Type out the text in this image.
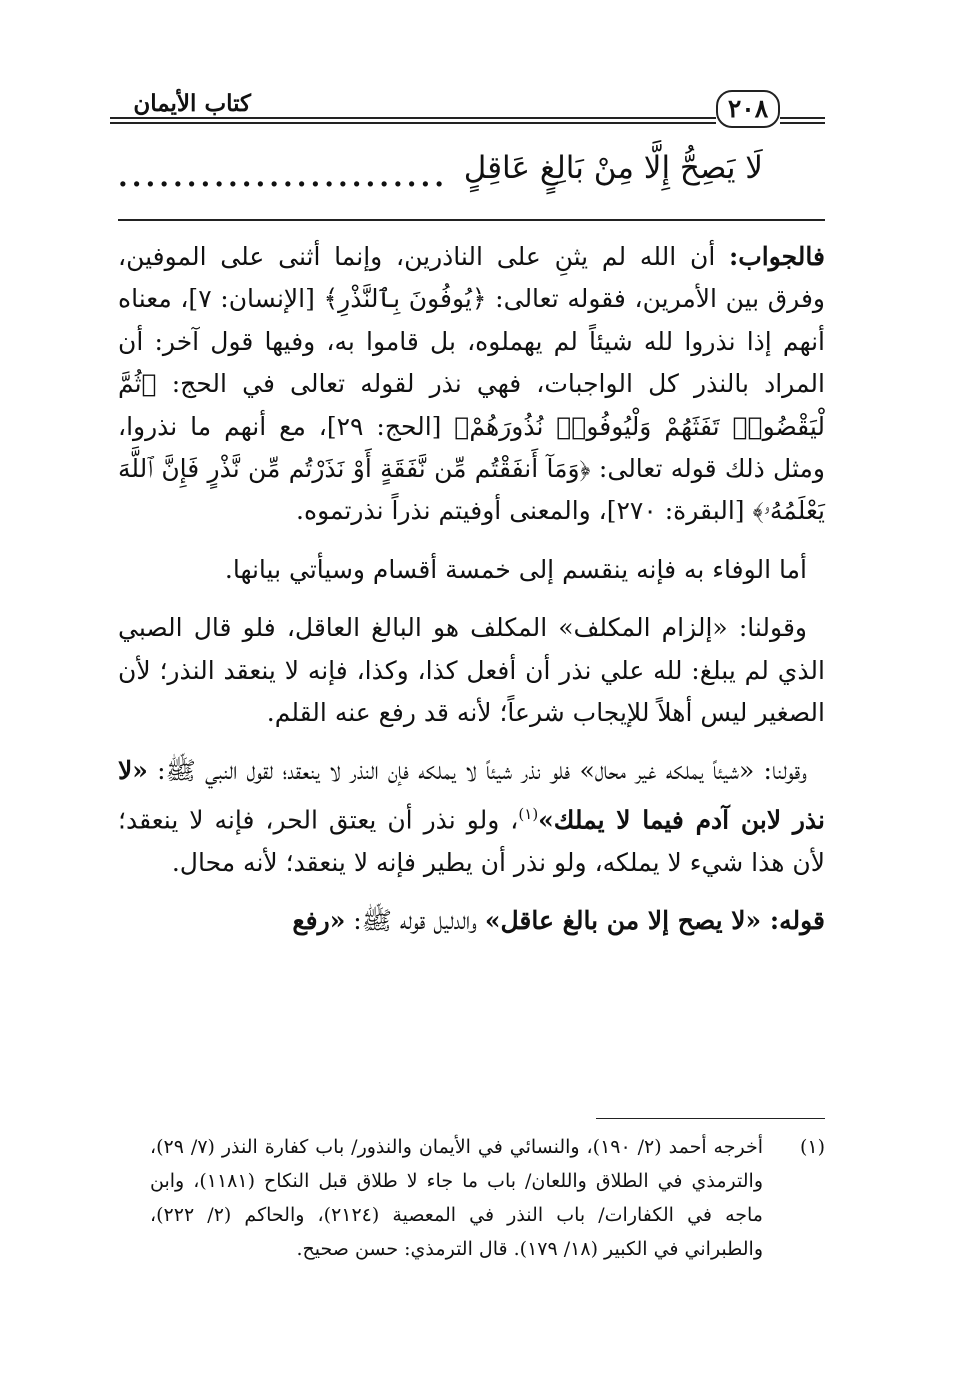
كتاب الأيمان	٢٠٨
لَا يَصِحُّ إِلَّا مِنْ بَالِغٍ عَاقِلٍ
........................

فالجواب: أن الله لم يثنِ على الناذرين، وإنما أثنى على الموفين، وفرق بين الأمرين، فقوله تعالى: ﴿يُوفُونَ بِٱلنَّذْرِ﴾ [الإنسان: ٧]، معناه أنهم إذا نذروا لله شيئاً لم يهملوه، بل قاموا به، وفيها قول آخر: أن المراد بالنذر كل الواجبات، فهي نذر لقوله تعالى في الحج: ﴿ثُمَّ لْيَقْضُوا۟ تَفَثَهُمْ وَلْيُوفُوا۟ نُذُورَهُمْ﴾ [الحج: ٢٩]، مع أنهم ما نذروا، ومثل ذلك قوله تعالى: ﴿وَمَآ أَنفَقْتُم مِّن نَّفَقَةٍ أَوْ نَذَرْتُم مِّن نَّذْرٍ فَإِنَّ ٱللَّهَ يَعْلَمُهُۥ﴾ [البقرة: ٢٧٠]، والمعنى أوفيتم نذراً نذرتموه.

أما الوفاء به فإنه ينقسم إلى خمسة أقسام وسيأتي بيانها.

وقولنا: «إلزام المكلف» المكلف هو البالغ العاقل، فلو قال الصبي الذي لم يبلغ: لله علي نذر أن أفعل كذا، وكذا، فإنه لا ينعقد النذر؛ لأن الصغير ليس أهلاً للإيجاب شرعاً؛ لأنه قد رفع عنه القلم.

وقولنا: «شيئاً يملكه غير محال» فلو نذر شيئاً لا يملكه فإن النذر لا ينعقد؛ لقول النبي ﷺ: «لا نذر لابن آدم فيما لا يملك»$^{(١)}$، ولو نذر أن يعتق الحر، فإنه لا ينعقد؛ لأن هذا شيء لا يملكه، ولو نذر أن يطير فإنه لا ينعقد؛ لأنه محال.

قوله: «لا يصح إلا من بالغ عاقل» والدليل قوله ﷺ: «رفع

(١)
أخرجه أحمد (٢/ ١٩٠)، والنسائي في الأيمان والنذور/ باب كفارة النذر (٧/ ٢٩)، والترمذي في الطلاق واللعان/ باب ما جاء لا طلاق قبل النكاح (١١٨١)، وابن ماجه في الكفارات/ باب النذر في المعصية (٢١٢٤)، والحاكم (٢/ ٢٢٢)، والطبراني في الكبير (١٨/ ١٧٩). قال الترمذي: حسن صحيح.
